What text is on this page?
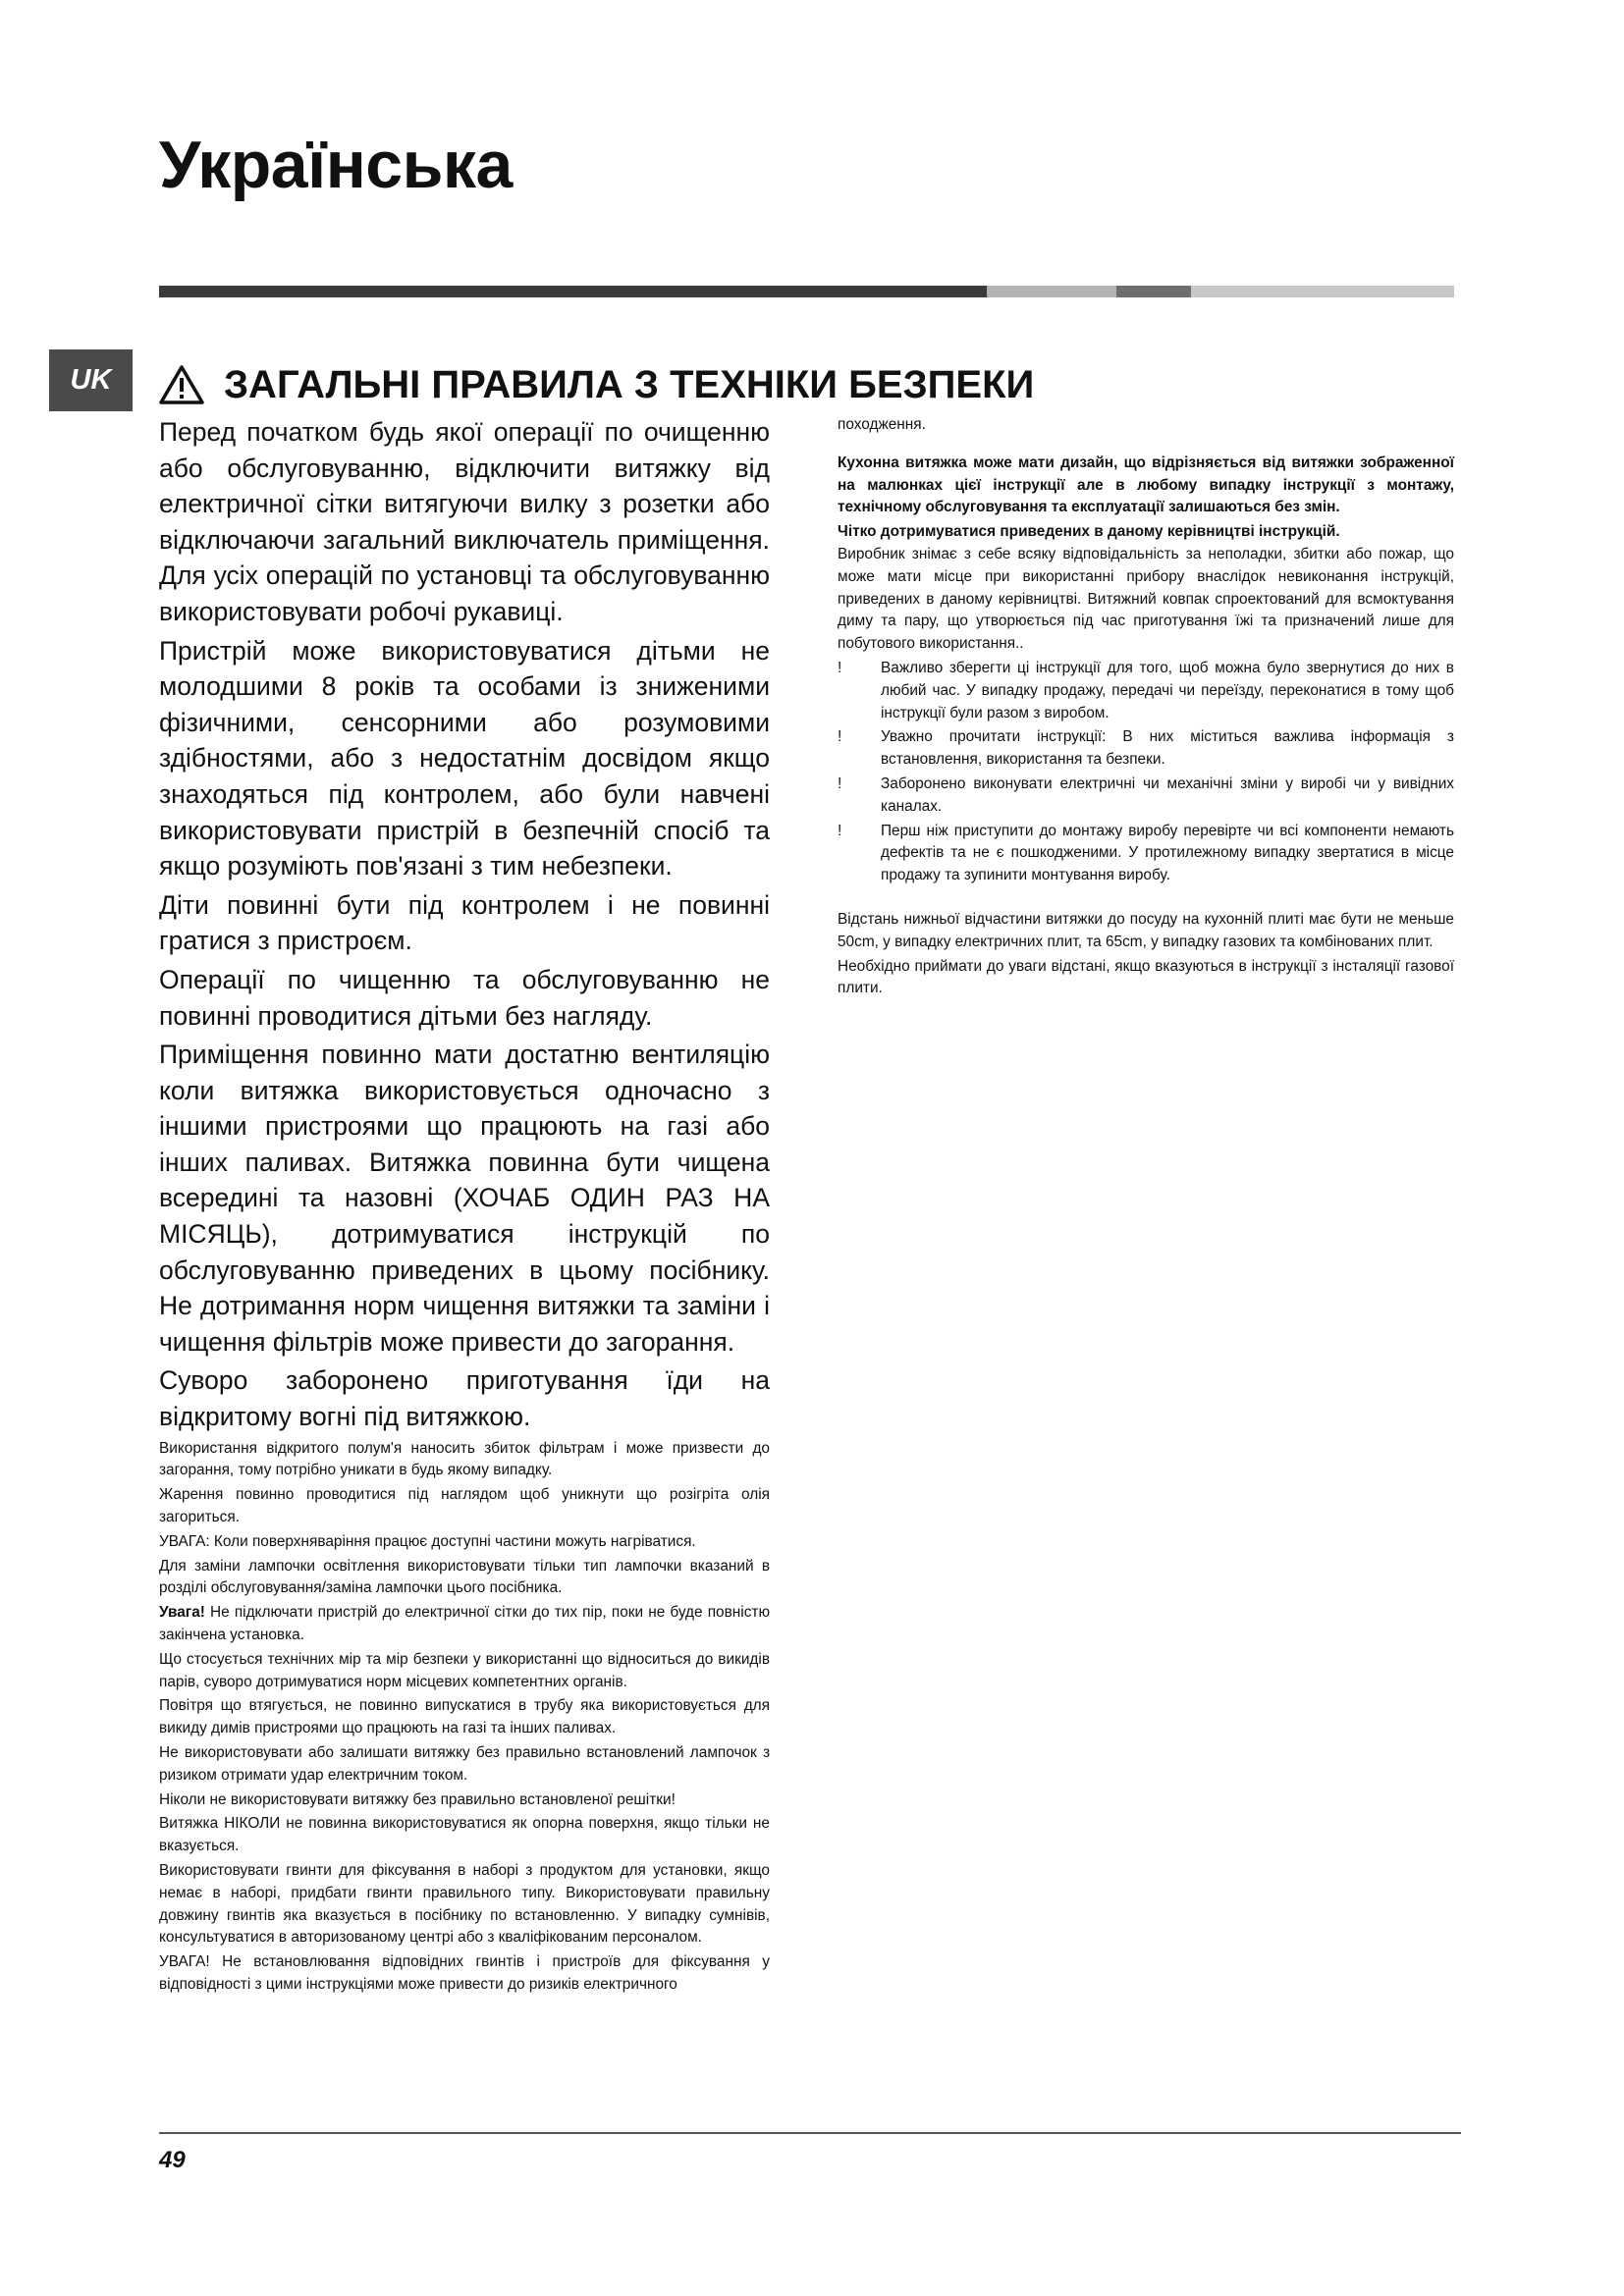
Українська
UK	ЗАГАЛЬНІ ПРАВИЛА З ТЕХНІКИ БЕЗПЕКИ

Перед початком будь якої операції по очищенню або обслуговуванню, відключити витяжку від електричної сітки витягуючи вилку з розетки або відключаючи загальний виключатель приміщення. Для усіх операцій по установці та обслуговуванню використовувати робочі рукавиці.

Пристрій може використовуватися дітьми не молодшими 8 років та особами із зниженими фізичними, сенсорними або розумовими здібностями, або з недостатнім досвідом якщо знаходяться під контролем, або були навчені використовувати пристрій в безпечній спосіб та якщо розуміють пов'язані з тим небезпеки.

Діти повинні бути під контролем і не повинні гратися з пристроєм.

Операції по чищенню та обслуговуванню не повинні проводитися дітьми без нагляду.

Приміщення повинно мати достатню вентиляцію коли витяжка використовується одночасно з іншими пристроями що працюють на газі або інших паливах. Витяжка повинна бути чищена всередині та назовні (ХОЧАБ ОДИН РАЗ НА МІСЯЦЬ), дотримуватися інструкцій по обслуговуванню приведених в цьому посібнику. Не дотримання норм чищення витяжки та заміни і чищення фільтрів може привести до загорання.

Суворо заборонено приготування їди на відкритому вогні під витяжкою.

Використання відкритого полум'я наносить збиток фільтрам і може призвести до загорання, тому потрібно уникати в будь якому випадку.

Жарення повинно проводитися під наглядом щоб уникнути що розігріта олія загориться.

УВАГА: Коли поверхняваріння працює доступні частини можуть нагріватися.

Для заміни лампочки освітлення використовувати тільки тип лампочки вказаний в розділі обслуговування/заміна лампочки цього посібника.

Увага! Не підключати пристрій до електричної сітки до тих пір, поки не буде повністю закінчена установка.

Що стосується технічних мір та мір безпеки у використанні що відноситься до викидів парів, суворо дотримуватися норм місцевих компетентних органів.

Повітря що втягується, не повинно випускатися в трубу яка використовується для викиду димів пристроями що працюють на газі та інших паливах.

Не використовувати або залишати витяжку без правильно встановлений лампочок з ризиком отримати удар електричним током.

Ніколи не використовувати витяжку без правильно встановленої решітки!

Витяжка НІКОЛИ не повинна використовуватися як опорна поверхня, якщо тільки не вказується.

Використовувати гвинти для фіксування в наборі з продуктом для установки, якщо немає в наборі, придбати гвинти правильного типу. Використовувати правильну довжину гвинтів яка вказується в посібнику по встановленню. У випадку сумнівів, консультуватися в авторизованому центрі або з кваліфікованим персоналом.

УВАГА! Не встановлювання відповідних гвинтів і пристроїв для фіксування у відповідності з цими інструкціями може привести до ризиків електричного

походження.

Кухонна витяжка може мати дизайн, що відрізняється від витяжки зображенної на малюнках цієї інструкції але в любому випадку інструкції з монтажу, технічному обслуговування та експлуатації залишаються без змін.

Чітко дотримуватися приведених в даному керівництві інструкцій.

Виробник знімає з себе всяку відповідальність за неполадки, збитки або пожар, що може мати місце при використанні прибору внаслідок невиконання інструкцій, приведених в даному керівництві. Витяжний ковпак спроектований для всмоктування диму та пару, що утворюється під час приготування їжі та призначений лише для побутового використання..

!	Важливо зберегти ці інструкції для того, щоб можна було звернутися до них в любий час. У випадку продажу, передачі чи переїзду, переконатися в тому щоб інструкції були разом з виробом.
!	Уважно прочитати інструкції: В них міститься важлива інформація з встановлення, використання та безпеки.
!	Заборонено виконувати електричні чи механічні зміни у виробі чи у вивідних каналах.
!	Перш ніж приступити до монтажу виробу перевірте чи всі компоненти немають дефектів та не є пошкодженими. У протилежному випадку звертатися в місце продажу та зупинити монтування виробу.

Відстань нижньої відчастини витяжки до посуду на кухонній плиті має бути не меньше 50cm, у випадку електричних плит, та 65cm, у випадку газових та комбінованих плит.

Необхідно приймати до уваги відстані, якщо вказуються в інструкції з інсталяції газової плити.

49
